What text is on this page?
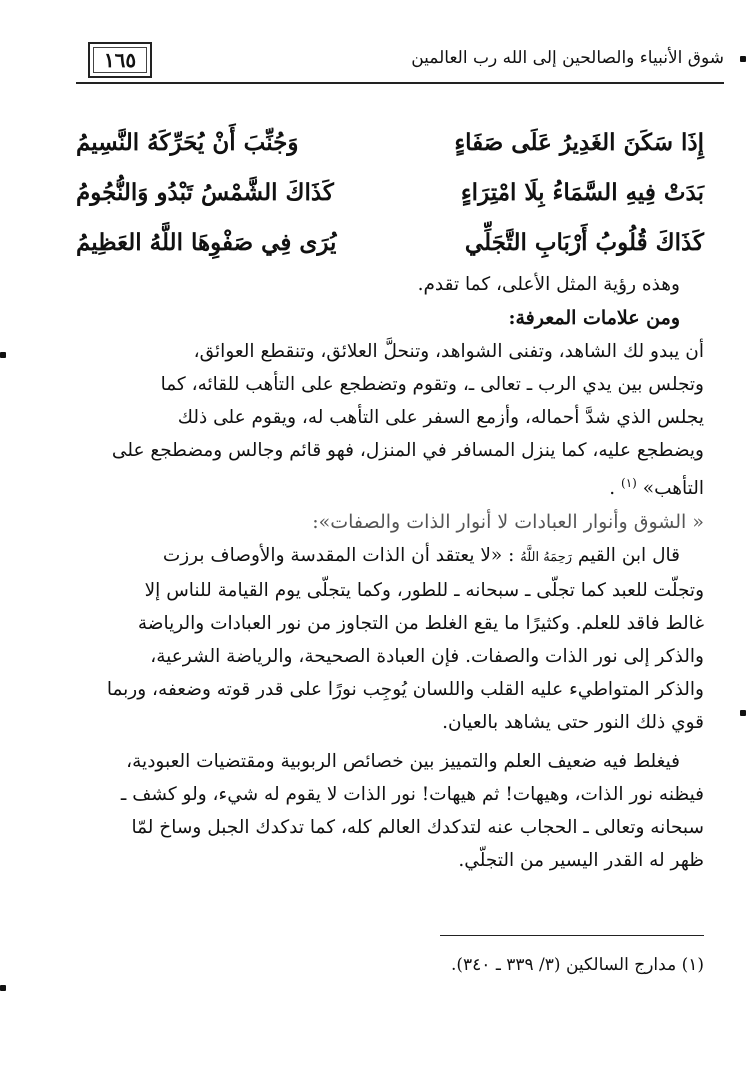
١٦٥	شوق الأنبياء والصالحين إلى الله رب العالمين
إِذَا سَكَنَ الغَدِيرُ عَلَى صَفَاءٍ
وَجُنِّبَ أَنْ يُحَرِّكَهُ النَّسِيمُ
بَدَتْ فِيهِ السَّمَاءُ بِلَا امْتِرَاءٍ
كَذَاكَ الشَّمْسُ تَبْدُو وَالنُّجُومُ
كَذَاكَ قُلُوبُ أَرْبَابِ التَّجَلِّي
يُرَى فِي صَفْوِهَا اللَّهُ العَظِيمُ
وهذه رؤية المثل الأعلى، كما تقدم.
ومن علامات المعرفة:
أن يبدو لك الشاهد، وتفنى الشواهد، وتنحلَّ العلائق، وتنقطع العوائق،
وتجلس بين يدي الرب ـ تعالى ـ، وتقوم وتضطجع على التأهب للقائه، كما
يجلس الذي شدَّ أحماله، وأزمع السفر على التأهب له، ويقوم على ذلك
ويضطجع عليه، كما ينزل المسافر في المنزل، فهو قائم وجالس ومضطجع على
التأهب» $^{(١)}$ .
« الشوق وأنوار العبادات لا أنوار الذات والصفات»:
قال ابن القيم رَحِمَهُ اللَّهُ : «لا يعتقد أن الذات المقدسة والأوصاف برزت
وتجلّت للعبد كما تجلّى ـ سبحانه ـ للطور، وكما يتجلّى يوم القيامة للناس إلا
غالط فاقد للعلم. وكثيرًا ما يقع الغلط من التجاوز من نور العبادات والرياضة
والذكر إلى نور الذات والصفات. فإن العبادة الصحيحة، والرياضة الشرعية،
والذكر المتواطيء عليه القلب واللسان يُوجِب نورًا على قدر قوته وضعفه، وربما
قوي ذلك النور حتى يشاهد بالعيان.
فيغلط فيه ضعيف العلم والتمييز بين خصائص الربوبية ومقتضيات العبودية،
فيظنه نور الذات، وهيهات! ثم هيهات! نور الذات لا يقوم له شيء، ولو كشف ـ
سبحانه وتعالى ـ الحجاب عنه لتدكدك العالم كله، كما تدكدك الجبل وساخ لمّا
ظهر له القدر اليسير من التجلّي.
(١) مدارج السالكين (٣/ ٣٣٩ ـ ٣٤٠).
